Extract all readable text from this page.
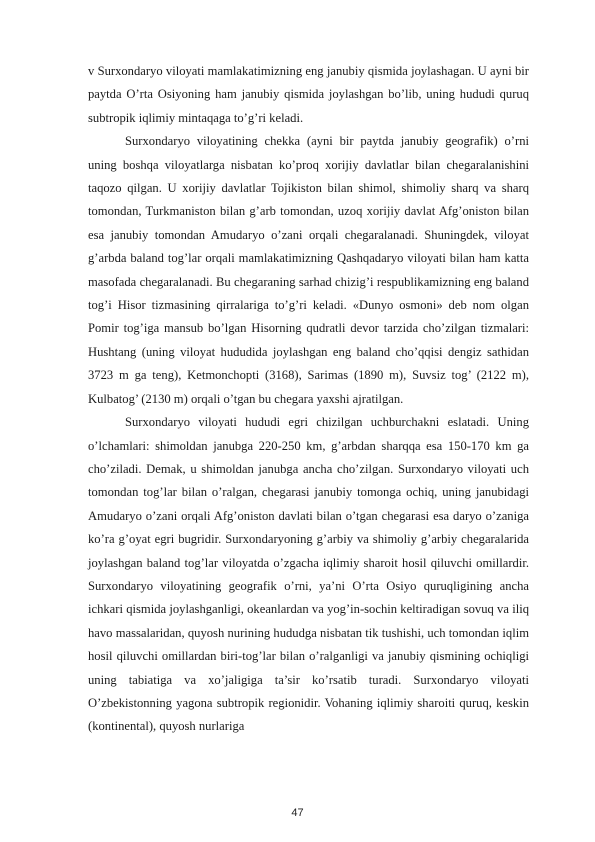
v Surxondaryo viloyati mamlakatimizning eng janubiy qismida joylashagan. U ayni bir paytda O’rta Osiyoning ham janubiy qismida joylashgan bo’lib, uning hududi quruq subtropik iqlimiy mintaqaga to’g’ri keladi.

Surxondaryo viloyatining chekka (ayni bir paytda janubiy geografik) o’rni uning boshqa viloyatlarga nisbatan ko’proq xorijiy davlatlar bilan chegaralanishini taqozo qilgan. U xorijiy davlatlar Tojikiston bilan shimol, shimoliy sharq va sharq tomondan, Turkmaniston bilan g’arb tomondan, uzoq xorijiy davlat Afg’oniston bilan esa janubiy tomondan Amudaryo o’zani orqali chegaralanadi. Shuningdek, viloyat g’arbda baland tog’lar orqali mamlakatimizning Qashqadaryo viloyati bilan ham katta masofada chegaralanadi. Bu chegaraning sarhad chizig’i respublikamizning eng baland tog’i Hisor tizmasining qirralariga to’g’ri keladi. «Dunyo osmoni» deb nom olgan Pomir tog’iga mansub bo’lgan Hisorning qudratli devor tarzida cho’zilgan tizmalari: Hushtang (uning viloyat hududida joylashgan eng baland cho’qqisi dengiz sathidan 3723 m ga teng), Ketmonchopti (3168), Sarimas (1890 m), Suvsiz tog’ (2122 m), Kulbatog’ (2130 m) orqali o’tgan bu chegara yaxshi ajratilgan.

Surxondaryo viloyati hududi egri chizilgan uchburchakni eslatadi. Uning o’lchamlari: shimoldan janubga 220-250 km, g’arbdan sharqqa esa 150-170 km ga cho’ziladi. Demak, u shimoldan janubga ancha cho’zilgan. Surxondaryo viloyati uch tomondan tog’lar bilan o’ralgan, chegarasi janubiy tomonga ochiq, uning janubidagi Amudaryo o’zani orqali Afg’oniston davlati bilan o’tgan chegarasi esa daryo o’zaniga ko’ra g’oyat egri bugridir. Surxondaryoning g’arbiy va shimoliy g’arbiy chegaralarida joylashgan baland tog’lar viloyatda o’zgacha iqlimiy sharoit hosil qiluvchi omillardir. Surxondaryo viloyatining geografik o’rni, ya’ni O’rta Osiyo quruqligining ancha ichkari qismida joylashganligi, okeanlardan va yog’in-sochin keltiradigan sovuq va iliq havo massalaridan, quyosh nurining hududga nisbatan tik tushishi, uch tomondan iqlim hosil qiluvchi omillardan biri-tog’lar bilan o’ralganligi va janubiy qismining ochiqligi uning tabiatiga va xo’jaligiga ta’sir ko’rsatib turadi. Surxondaryo viloyati O’zbekistonning yagona subtropik regionidir. Vohaning iqlimiy sharoiti quruq, keskin (kontinental), quyosh nurlariga

47
